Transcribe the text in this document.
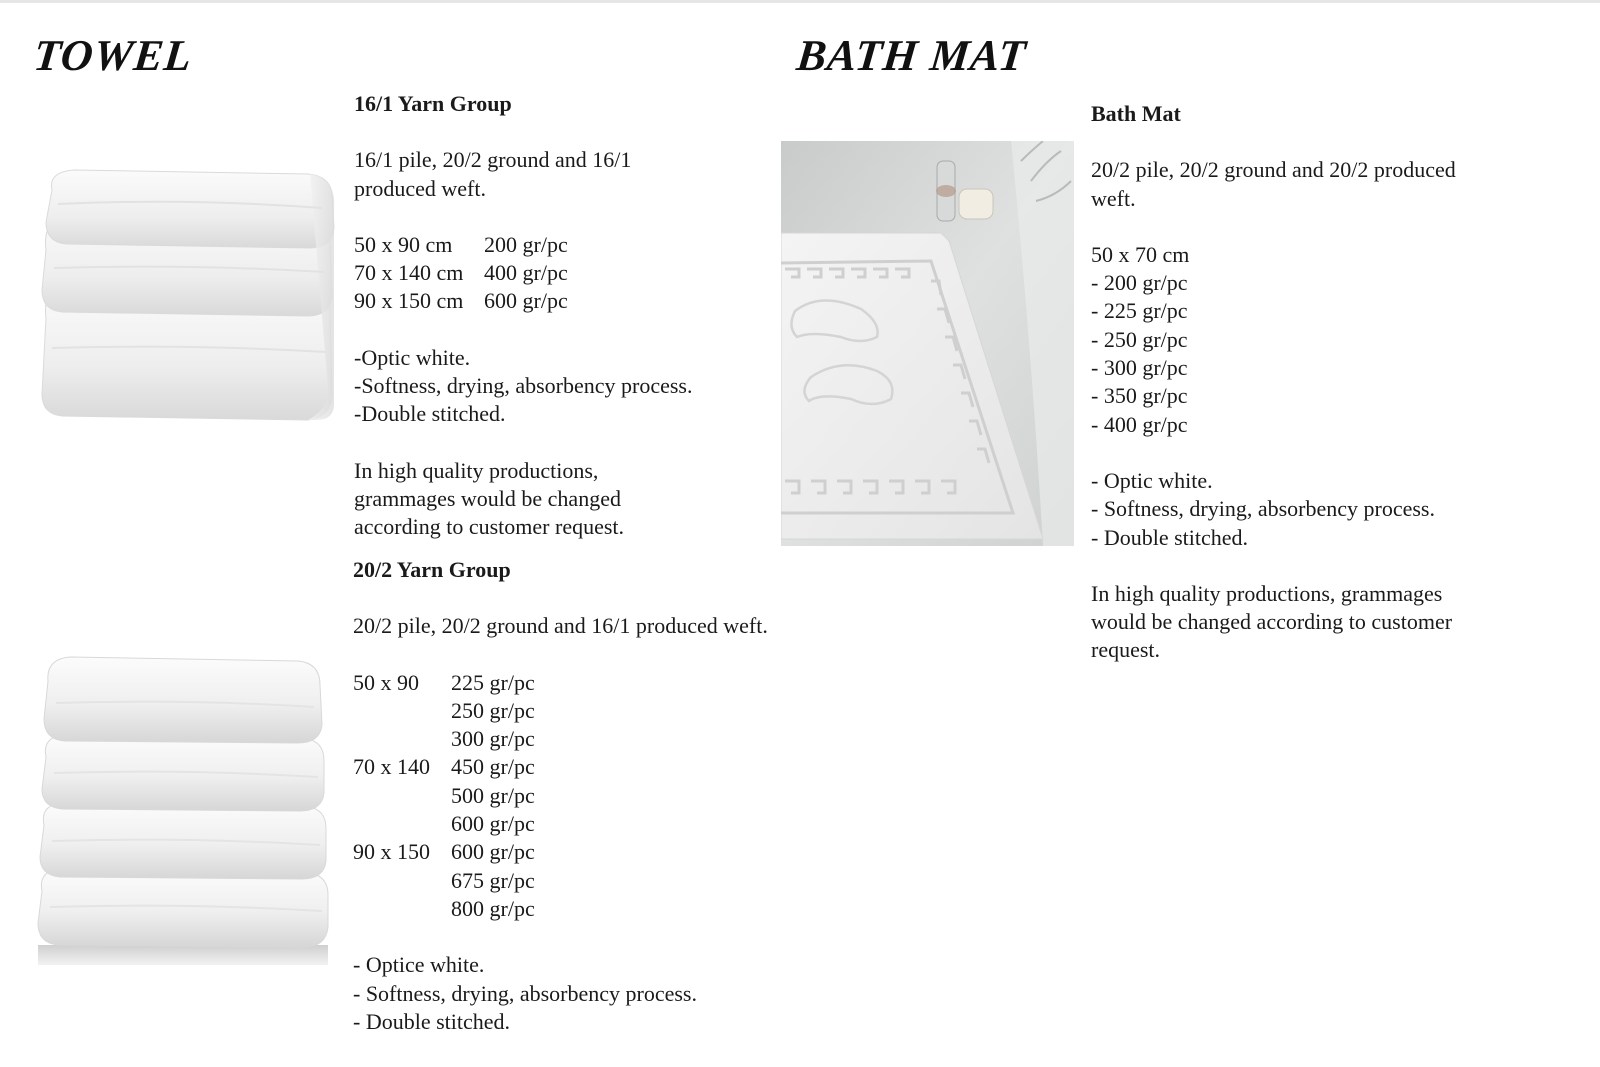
TOWEL	BATH MAT

16/1 Yarn Group

16/1 pile, 20/2 ground and 16/1

produced weft.

50 x 90 cm	200 gr/pc
70 x 140 cm	400 gr/pc
90 x 150 cm	600 gr/pc

-Optic white.

-Softness, drying, absorbency process.

-Double stitched.

In high quality productions,

grammages would be changed

according to customer request.

20/2 Yarn Group

20/2 pile, 20/2 ground and 16/1 produced weft.

50 x 90	225 gr/pc
	250 gr/pc
	300 gr/pc
70 x 140	450 gr/pc
	500 gr/pc
	600 gr/pc
90 x 150	600 gr/pc
	675 gr/pc
	800 gr/pc

- Optice white.

- Softness, drying, absorbency process.

- Double stitched.

Bath Mat

20/2 pile, 20/2 ground and 20/2 produced

weft.

50 x 70 cm

- 200 gr/pc

- 225 gr/pc

- 250 gr/pc

- 300 gr/pc

- 350 gr/pc

- 400 gr/pc

- Optic white.

- Softness, drying, absorbency process.

- Double stitched.

In high quality productions, grammages

would be changed according to customer

request.
